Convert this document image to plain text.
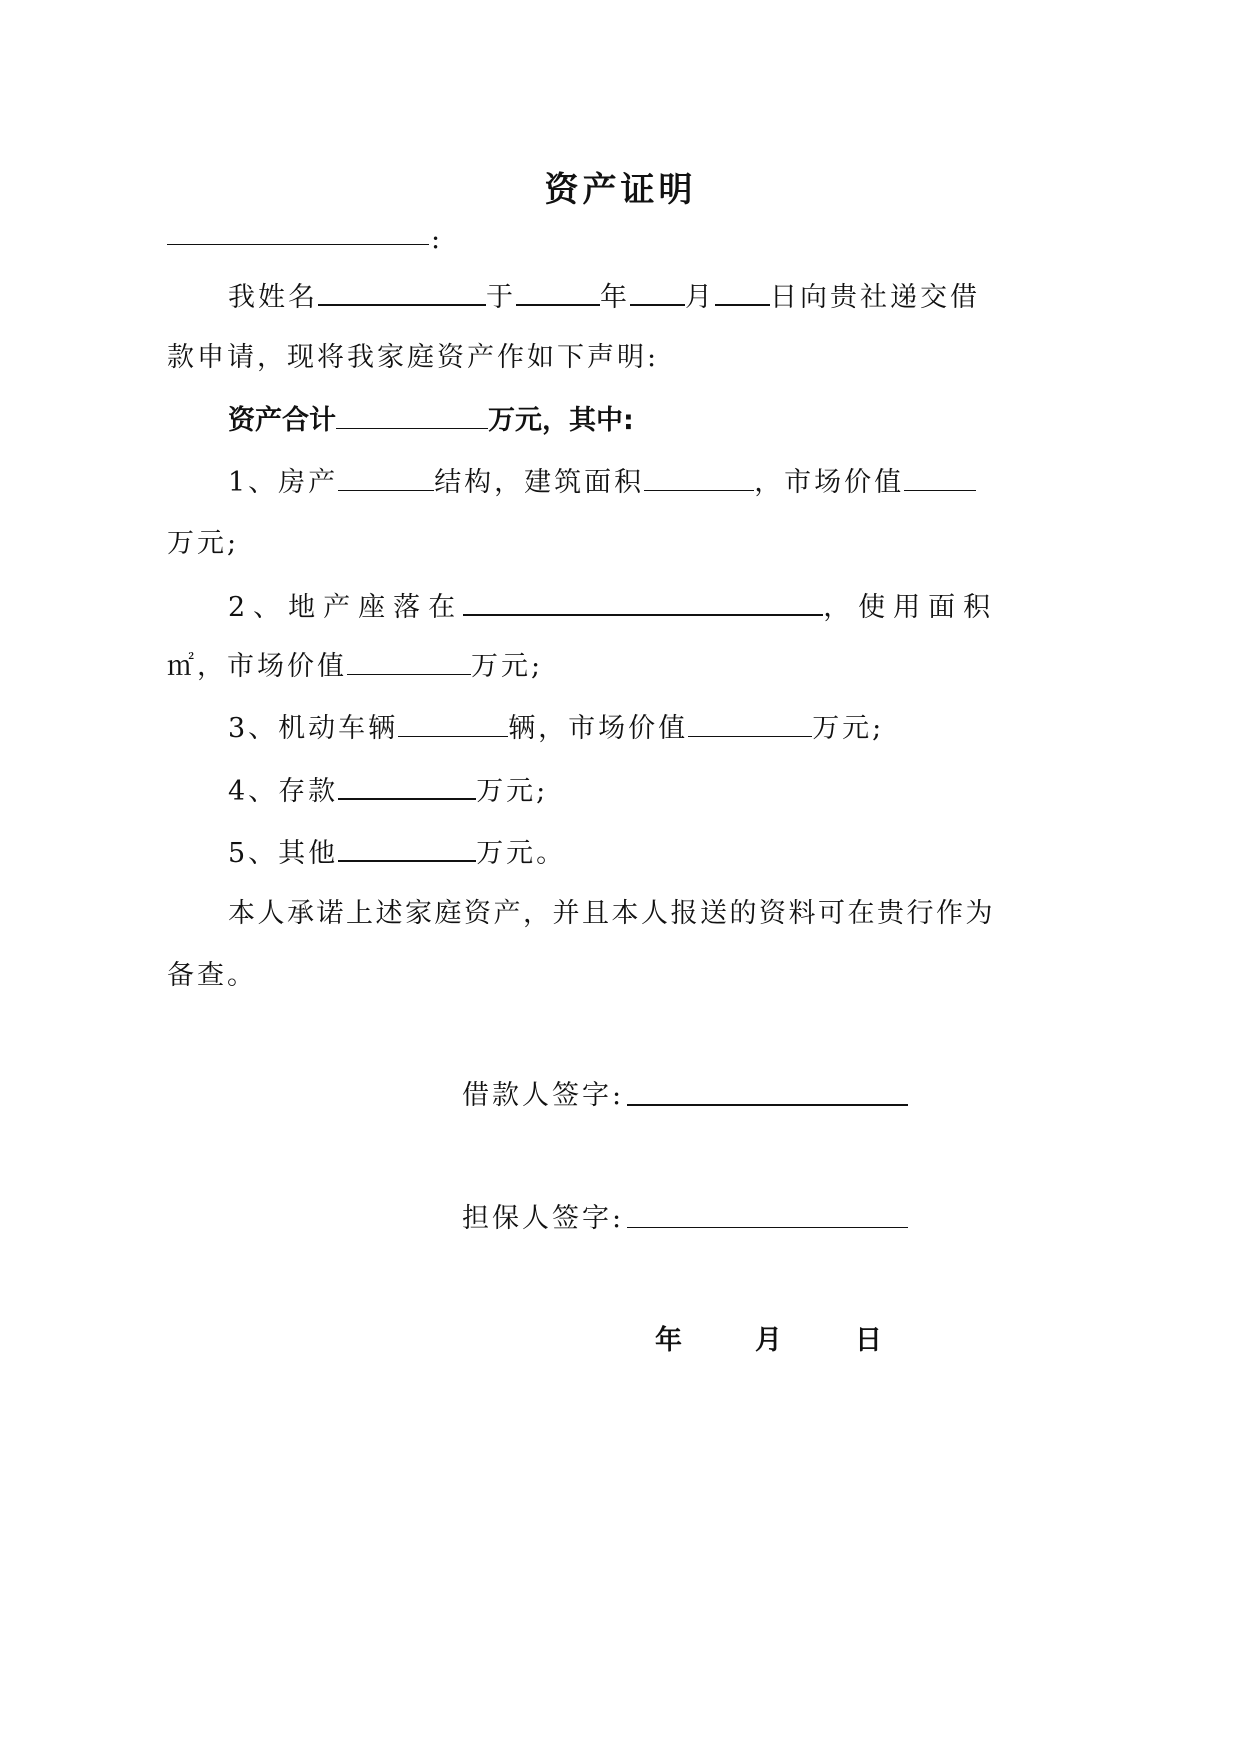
资产证明
:
我姓名	于	年 月 日向贵社递交借
款申请，现将我家庭资产作如下声明:
资产合计	万元，其中:
1、房产	结构，建筑面积	，市场价值
万元;
2、地产座落在	，使用面积
㎡，市场价值	万元;
3、机动车辆	辆，市场价值	万元;
4、存款	万元;
5、其他	万元。
本人承诺上述家庭资产，并且本人报送的资料可在贵行作为
备查。
借款人签字:
担保人签字:
年	月	日
